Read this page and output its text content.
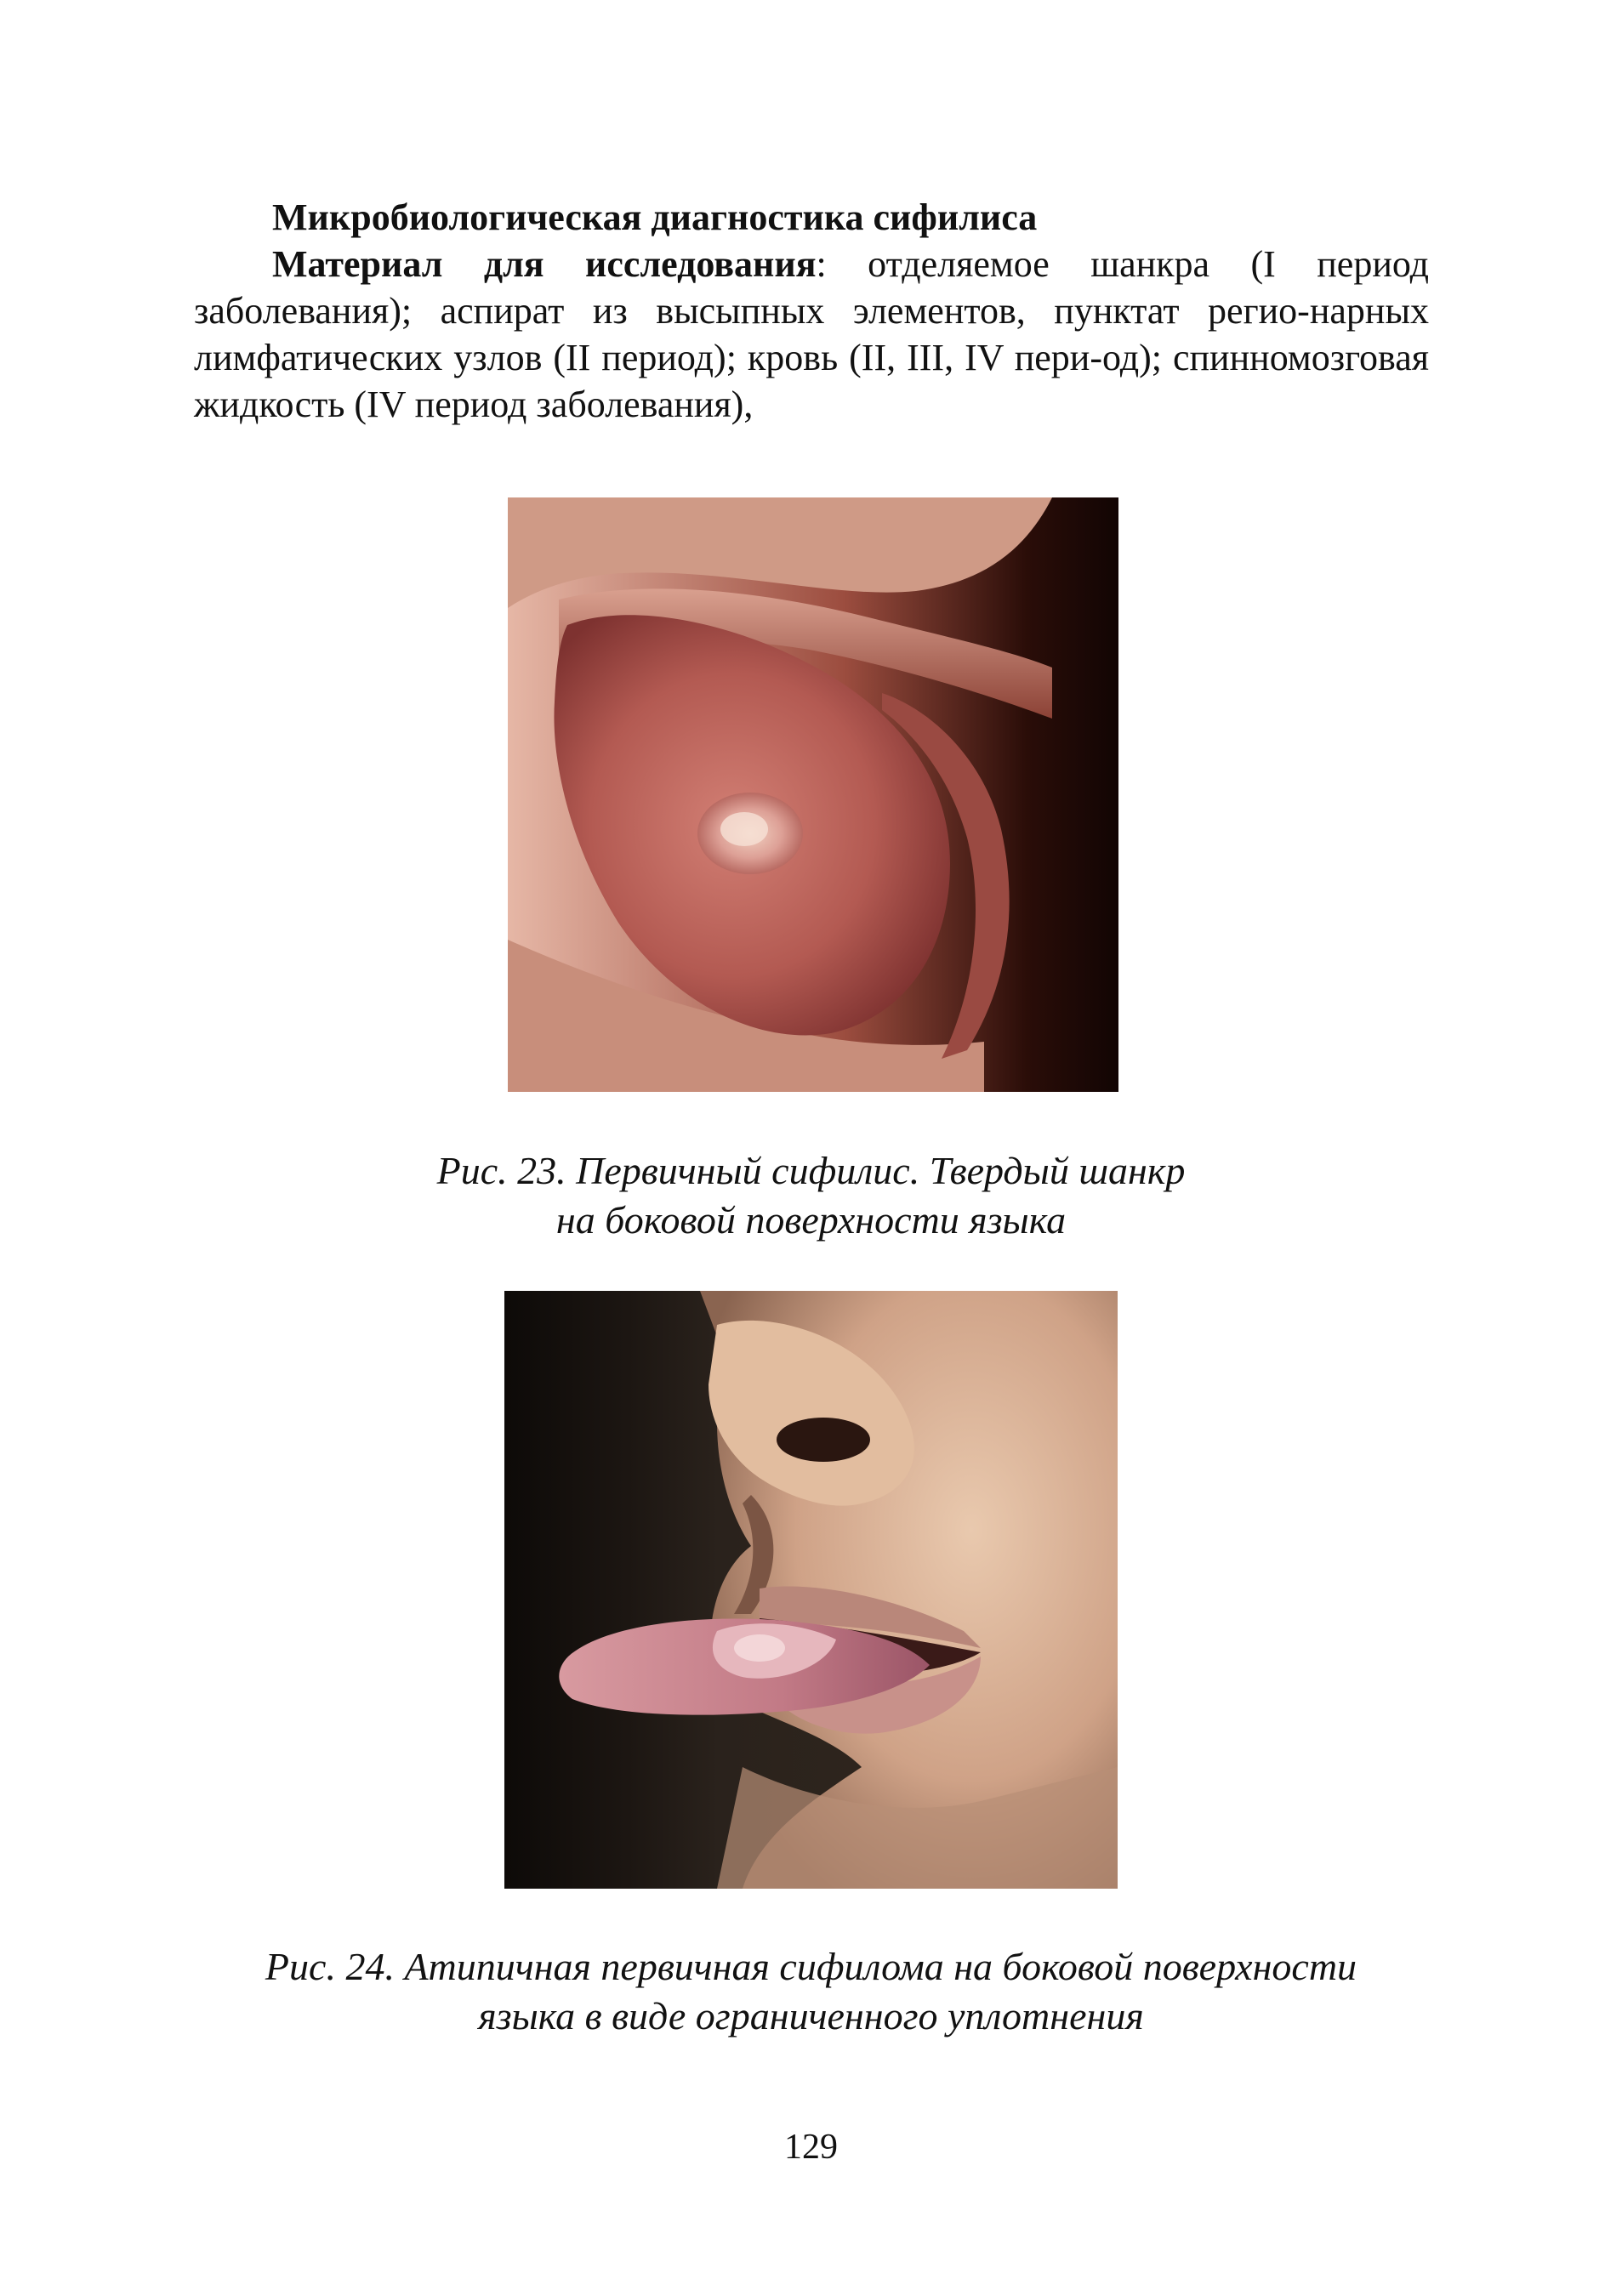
Микробиологическая диагностика сифилиса

Материал для исследования: отделяемое шанкра (I период заболевания); аспират из высыпных элементов, пунктат регио-нарных лимфатических узлов (II период); кровь (II, III, IV пери-од); спинномозговая жидкость (IV период заболевания),

Рис. 23. Первичный сифилис. Твердый шанкр
на боковой поверхности языка

Рис. 24. Атипичная первичная сифилома на боковой поверхности
языка в виде ограниченного уплотнения

129
